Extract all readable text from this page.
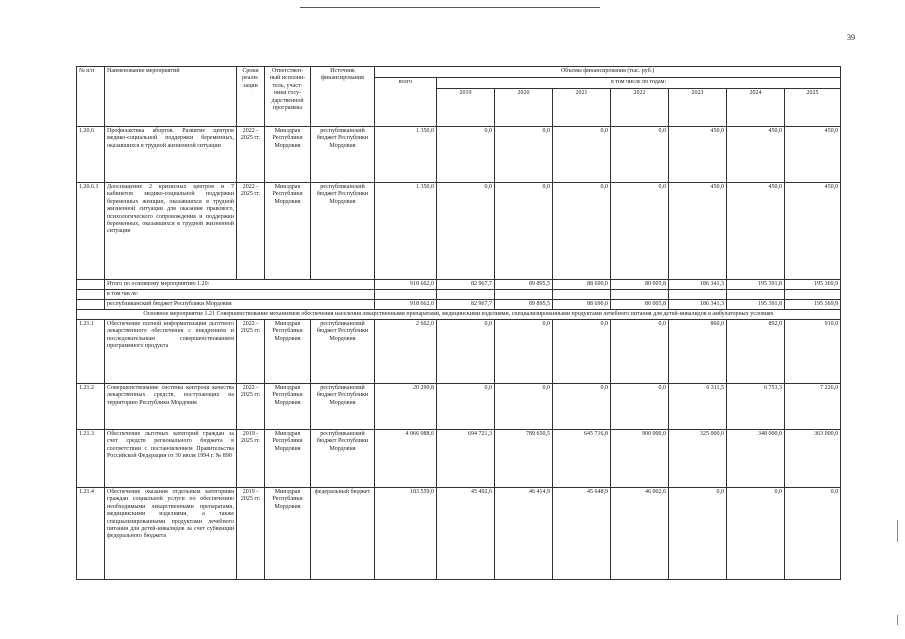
39
№ п/п	Наименование мероприятий	Сроки реали-зации	Ответствен-ный исполни-тель, участ-ники госу-дарственной программы	Источник финансирования	Объемы финансирования (тыс. руб.)							
					всего	в том числе по годам:						
						2019	2020	2021	2022	2023	2024	2025
1.20.6	Профилактика абортов. Развитие центров медико-социальной поддержки беременных, оказавшихся в трудной жизненной ситуации	2022 - 2025 гг.	Минздрав Республики Мордовия	республиканский бюджет Республики Мордовия	1 350,0	0,0	0,0	0,0	0,0	450,0	450,0	450,0
1.20.6.1	Дооснащение 2 кризисных центров и 7 кабинетов медико-социальной поддержки беременных женщин, оказавшихся в трудной жизненной ситуации для оказания правового, психологического сопровождения и поддержки беременных, оказавшихся в трудной жизненной ситуации	2022 - 2025 гг.	Минздрав Республики Мордовия	республиканский бюджет Республики Мордовия	1 350,0	0,0	0,0	0,0	0,0	450,0	450,0	450,0
	Итого по основному мероприятию 1.20:				918 662,0	82 967,7	89 895,5	88 690,0	80 005,8	186 341,3	195 391,8	195 369,9
	в том числе:											
	республиканский бюджет Республики Мордовия				918 662,0	82 967,7	89 895,5	88 690,0	80 005,8	186 341,3	195 391,8	195 369,9
Основное мероприятие 1.21 Совершенствование механизмов обеспечения населения лекарственными препаратами, медицинскими изделиями, специализированными продуктами лечебного питания для детей-инвалидов в амбулаторных условиях												
1.21.1	Обеспечение полной информатизации льготного лекарственного обеспечения с внедрением и последовательным совершенствованием программного продукта	2022 - 2025 гг.	Минздрав Республики Мордовия	республиканский бюджет Республики Мордовия	2 662,0	0,0	0,0	0,0	0,0	860,0	892,0	910,0
1.21.2	Совершенствование системы контроля качества лекарственных средств, поступающих на территорию Республики Мордовия	2022 - 2025 гг.	Минздрав Республики Мордовия	республиканский бюджет Республики Мордовия	20 290,8	0,0	0,0	0,0	0,0	6 311,5	6 753,3	7 226,0
1.21.3	Обеспечение льготных категорий граждан за счет средств регионального бюджета в соответствии с постановлением Правительства Российской Федерации от 30 июля 1994 г. № 890	2019 - 2025 гг.	Минздрав Республики Мордовия	республиканский бюджет Республики Мордовия	4 066 088,6	694 721,3	789 650,5	645 716,8	900 000,0	325 000,0	348 000,0	363 000,0
1.21.4	Обеспечение оказания отдельным категориям граждан социальной услуги по обеспечению необходимыми лекарственными препаратами, медицинскими изделиями, а также специализированными продуктами лечебного питания для детей-инвалидов за счет субвенции федерального бюджета	2019 - 2025 гг.	Минздрав Республики Мордовия	федеральный бюджет	183 559,0	45 492,6	46 414,9	45 648,9	46 002,6	0,0	0,0	0,0
